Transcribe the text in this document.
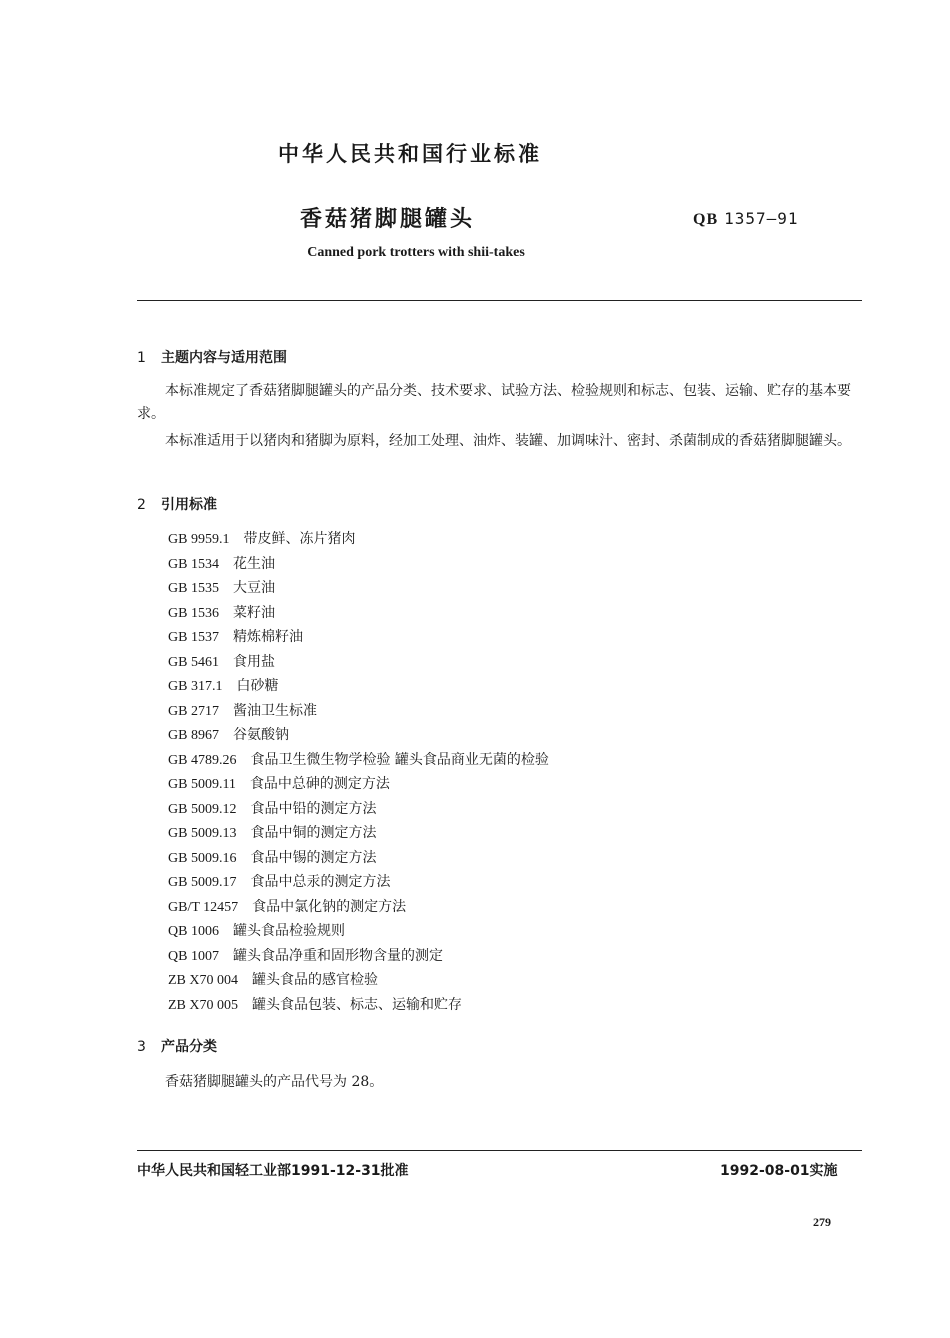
中华人民共和国行业标准
香菇猪脚腿罐头	QB 1357—91
Canned pork trotters with shii-takes
1 主题内容与适用范围
本标准规定了香菇猪脚腿罐头的产品分类、技术要求、试验方法、检验规则和标志、包装、运输、贮存的基本要求。
本标准适用于以猪肉和猪脚为原料，经加工处理、油炸、装罐、加调味汁、密封、杀菌制成的香菇猪脚腿罐头。
2 引用标准
GB 9959.1 带皮鲜、冻片猪肉
GB 1534 花生油
GB 1535 大豆油
GB 1536 菜籽油
GB 1537 精炼棉籽油
GB 5461 食用盐
GB 317.1 白砂糖
GB 2717 酱油卫生标准
GB 8967 谷氨酸钠
GB 4789.26 食品卫生微生物学检验 罐头食品商业无菌的检验
GB 5009.11 食品中总砷的测定方法
GB 5009.12 食品中铅的测定方法
GB 5009.13 食品中铜的测定方法
GB 5009.16 食品中锡的测定方法
GB 5009.17 食品中总汞的测定方法
GB/T 12457 食品中氯化钠的测定方法
QB 1006 罐头食品检验规则
QB 1007 罐头食品净重和固形物含量的测定
ZB X70 004 罐头食品的感官检验
ZB X70 005 罐头食品包装、标志、运输和贮存
3 产品分类
香菇猪脚腿罐头的产品代号为 28。
中华人民共和国轻工业部1991-12-31批准	1992-08-01实施
279
